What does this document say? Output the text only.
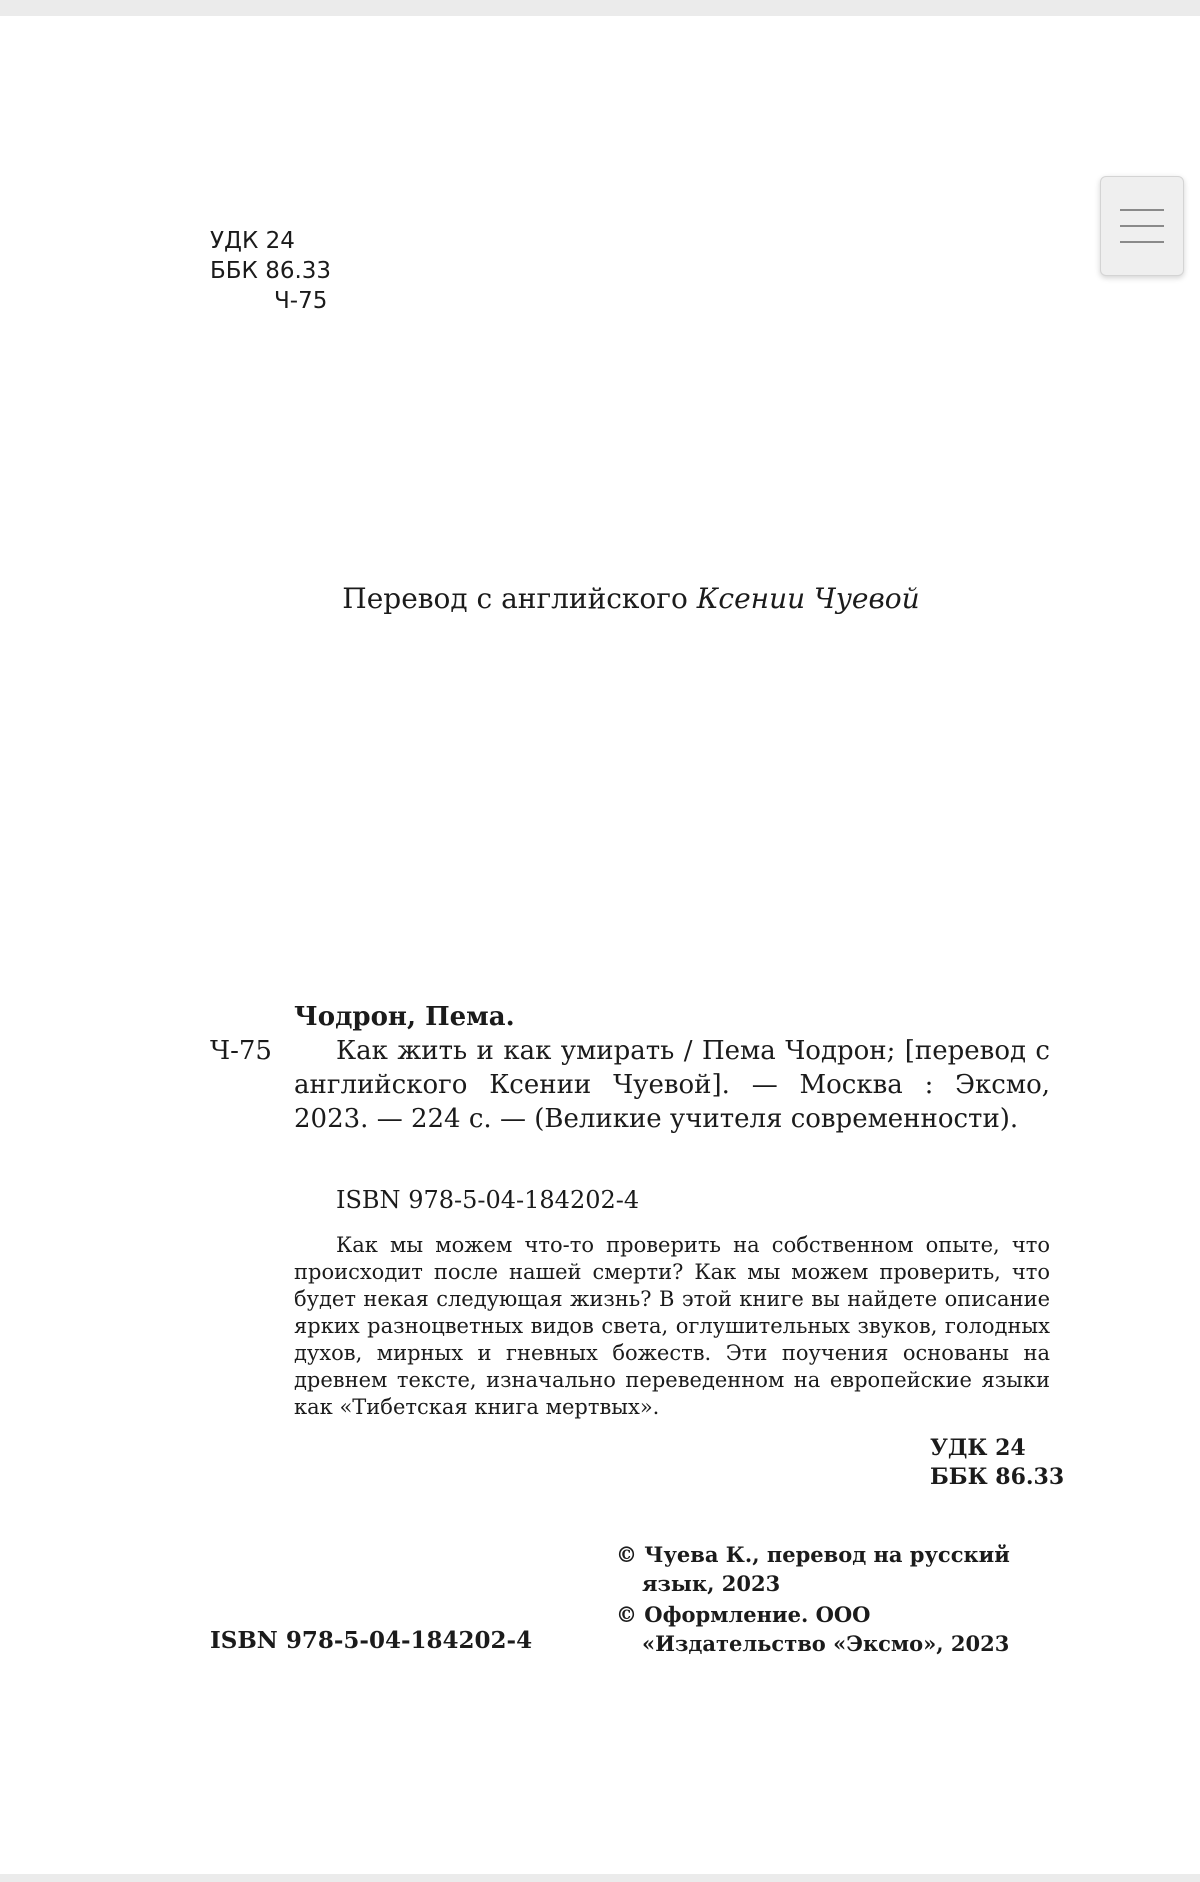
УДК 24
ББК 86.33
Ч-75
Перевод с английского Ксении Чуевой
Чодрон, Пема.
Ч-75	Как жить и как умирать / Пема Чодрон; [перевод с английского Ксении Чуевой]. — Москва : Эксмо, 2023. — 224 с. — (Великие учителя современности).
ISBN 978-5-04-184202-4
Как мы можем что-то проверить на собственном опыте, что происходит после нашей смерти? Как мы можем проверить, что будет некая следующая жизнь? В этой книге вы найдете описание ярких разноцветных видов света, оглушительных звуков, голодных духов, мирных и гневных божеств. Эти поучения основаны на древнем тексте, изначально переведенном на европейские языки как «Тибетская книга мертвых».
УДК 24
ББК 86.33
© Чуева К., перевод на русский язык, 2023
© Оформление. ООО «Издательство «Эксмо», 2023
ISBN 978-5-04-184202-4
